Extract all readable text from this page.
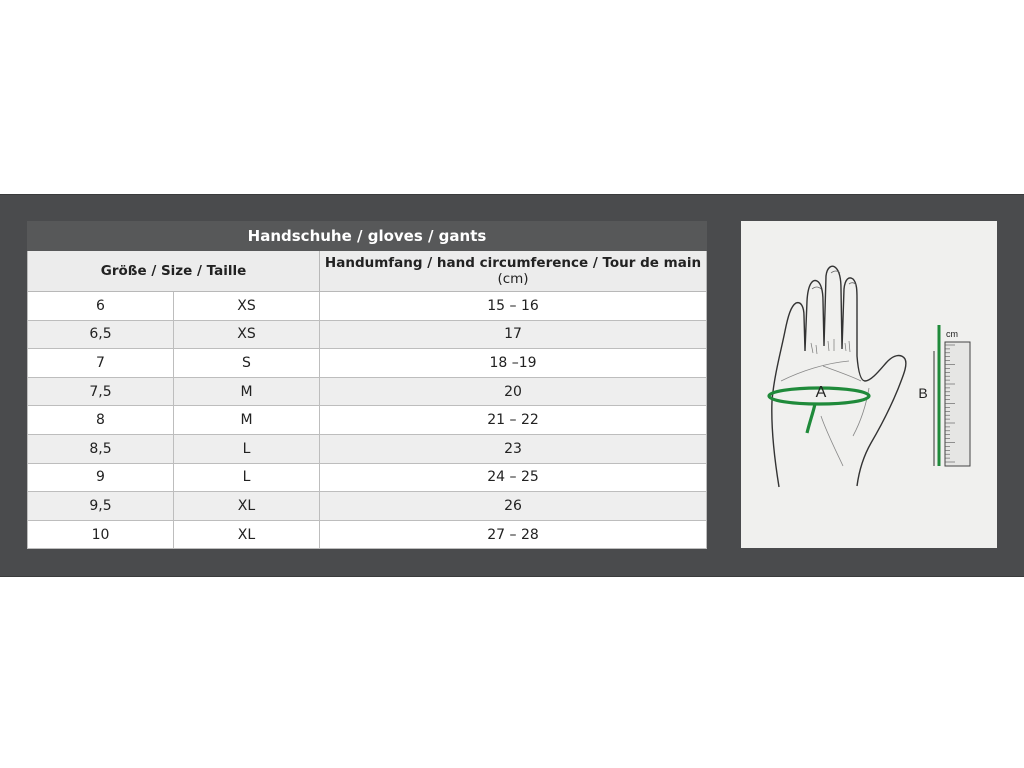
Handschuhe / gloves / gants		
Größe / Size / Taille		Handumfang / hand circumference / Tour de main
(cm)

6	XS	15 – 16
6,5	XS	17
7	S	18 –19
7,5	M	20
8	M	21 – 22
8,5	L	23
9	L	24 – 25
9,5	XL	26
10	XL	27 – 28
A	B
cm
